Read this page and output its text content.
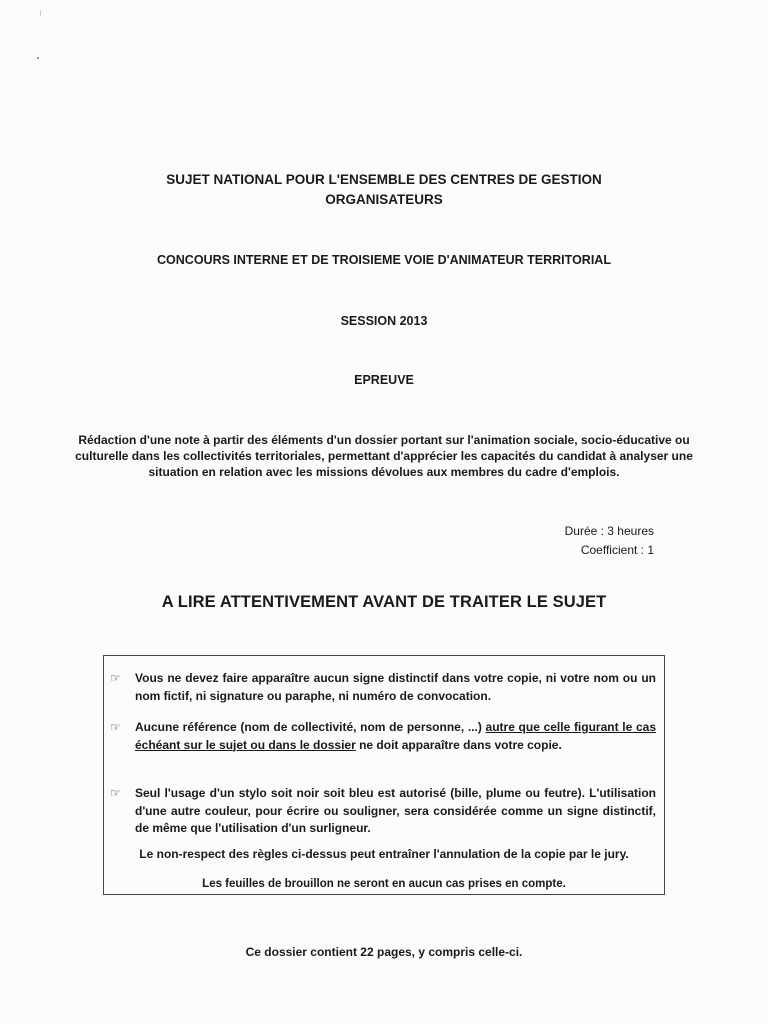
SUJET NATIONAL POUR L'ENSEMBLE DES CENTRES DE GESTION
ORGANISATEURS
CONCOURS INTERNE ET DE TROISIEME VOIE D'ANIMATEUR TERRITORIAL
SESSION 2013
EPREUVE
Rédaction d'une note à partir des éléments d'un dossier portant sur l'animation sociale, socio-éducative ou culturelle dans les collectivités territoriales, permettant d'apprécier les capacités du candidat à analyser une situation en relation avec les missions dévolues aux membres du cadre d'emplois.
Durée : 3 heures
Coefficient : 1
A LIRE ATTENTIVEMENT AVANT DE TRAITER LE SUJET
☞ Vous ne devez faire apparaître aucun signe distinctif dans votre copie, ni votre nom ou un nom fictif, ni signature ou paraphe, ni numéro de convocation.
☞ Aucune référence (nom de collectivité, nom de personne, ...) autre que celle figurant le cas échéant sur le sujet ou dans le dossier ne doit apparaître dans votre copie.
☞ Seul l'usage d'un stylo soit noir soit bleu est autorisé (bille, plume ou feutre). L'utilisation d'une autre couleur, pour écrire ou souligner, sera considérée comme un signe distinctif, de même que l'utilisation d'un surligneur.
Le non-respect des règles ci-dessus peut entraîner l'annulation de la copie par le jury.
Les feuilles de brouillon ne seront en aucun cas prises en compte.
Ce dossier contient 22 pages, y compris celle-ci.
